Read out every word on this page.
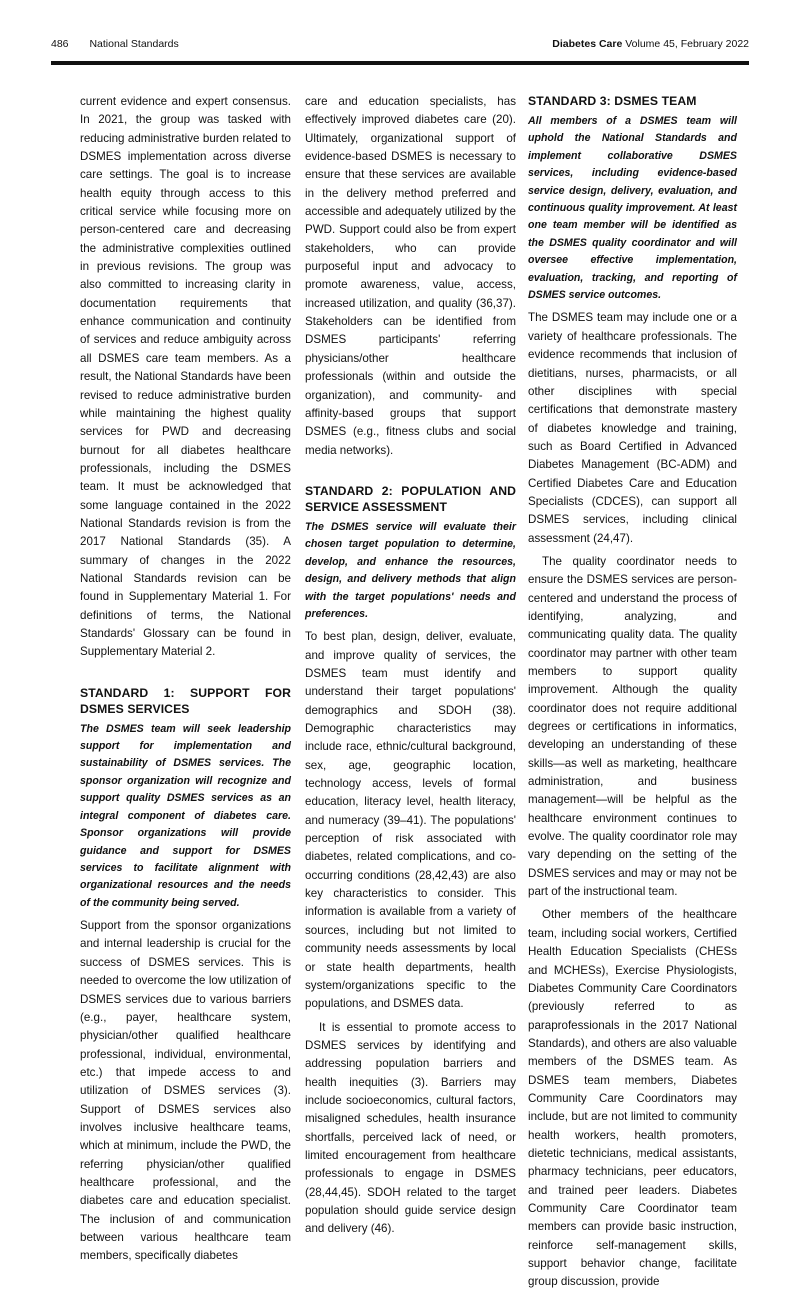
486 National Standards	Diabetes Care Volume 45, February 2022

current evidence and expert consensus. In 2021, the group was tasked with reducing administrative burden related to DSMES implementation across diverse care settings. The goal is to increase health equity through access to this critical service while focusing more on person-centered care and decreasing the administrative complexities outlined in previous revisions. The group was also committed to increasing clarity in documentation requirements that enhance communication and continuity of services and reduce ambiguity across all DSMES care team members. As a result, the National Standards have been revised to reduce administrative burden while maintaining the highest quality services for PWD and decreasing burnout for all diabetes healthcare professionals, including the DSMES team. It must be acknowledged that some language contained in the 2022 National Standards revision is from the 2017 National Standards (35). A summary of changes in the 2022 National Standards revision can be found in Supplementary Material 1. For definitions of terms, the National Standards' Glossary can be found in Supplementary Material 2.

STANDARD 1: SUPPORT FOR DSMES SERVICES

The DSMES team will seek leadership support for implementation and sustainability of DSMES services. The sponsor organization will recognize and support quality DSMES services as an integral component of diabetes care. Sponsor organizations will provide guidance and support for DSMES services to facilitate alignment with organizational resources and the needs of the community being served.

Support from the sponsor organizations and internal leadership is crucial for the success of DSMES services. This is needed to overcome the low utilization of DSMES services due to various barriers (e.g., payer, healthcare system, physician/other qualified healthcare professional, individual, environmental, etc.) that impede access to and utilization of DSMES services (3). Support of DSMES services also involves inclusive healthcare teams, which at minimum, include the PWD, the referring physician/other qualified healthcare professional, and the diabetes care and education specialist. The inclusion of and communication between various healthcare team members, specifically diabetes

care and education specialists, has effectively improved diabetes care (20). Ultimately, organizational support of evidence-based DSMES is necessary to ensure that these services are available in the delivery method preferred and accessible and adequately utilized by the PWD. Support could also be from expert stakeholders, who can provide purposeful input and advocacy to promote awareness, value, access, increased utilization, and quality (36,37). Stakeholders can be identified from DSMES participants' referring physicians/other healthcare professionals (within and outside the organization), and community- and affinity-based groups that support DSMES (e.g., fitness clubs and social media networks).

STANDARD 2: POPULATION AND SERVICE ASSESSMENT

The DSMES service will evaluate their chosen target population to determine, develop, and enhance the resources, design, and delivery methods that align with the target populations' needs and preferences.

To best plan, design, deliver, evaluate, and improve quality of services, the DSMES team must identify and understand their target populations' demographics and SDOH (38). Demographic characteristics may include race, ethnic/cultural background, sex, age, geographic location, technology access, levels of formal education, literacy level, health literacy, and numeracy (39–41). The populations' perception of risk associated with diabetes, related complications, and co-occurring conditions (28,42,43) are also key characteristics to consider. This information is available from a variety of sources, including but not limited to community needs assessments by local or state health departments, health system/organizations specific to the populations, and DSMES data.

It is essential to promote access to DSMES services by identifying and addressing population barriers and health inequities (3). Barriers may include socioeconomics, cultural factors, misaligned schedules, health insurance shortfalls, perceived lack of need, or limited encouragement from healthcare professionals to engage in DSMES (28,44,45). SDOH related to the target population should guide service design and delivery (46).

STANDARD 3: DSMES TEAM

All members of a DSMES team will uphold the National Standards and implement collaborative DSMES services, including evidence-based service design, delivery, evaluation, and continuous quality improvement. At least one team member will be identified as the DSMES quality coordinator and will oversee effective implementation, evaluation, tracking, and reporting of DSMES service outcomes.

The DSMES team may include one or a variety of healthcare professionals. The evidence recommends that inclusion of dietitians, nurses, pharmacists, or all other disciplines with special certifications that demonstrate mastery of diabetes knowledge and training, such as Board Certified in Advanced Diabetes Management (BC-ADM) and Certified Diabetes Care and Education Specialists (CDCES), can support all DSMES services, including clinical assessment (24,47).

The quality coordinator needs to ensure the DSMES services are person-centered and understand the process of identifying, analyzing, and communicating quality data. The quality coordinator may partner with other team members to support quality improvement. Although the quality coordinator does not require additional degrees or certifications in informatics, developing an understanding of these skills—as well as marketing, healthcare administration, and business management—will be helpful as the healthcare environment continues to evolve. The quality coordinator role may vary depending on the setting of the DSMES services and may or may not be part of the instructional team.

Other members of the healthcare team, including social workers, Certified Health Education Specialists (CHESs and MCHESs), Exercise Physiologists, Diabetes Community Care Coordinators (previously referred to as paraprofessionals in the 2017 National Standards), and others are also valuable members of the DSMES team. As DSMES team members, Diabetes Community Care Coordinators may include, but are not limited to community health workers, health promoters, dietetic technicians, medical assistants, pharmacy technicians, peer educators, and trained peer leaders. Diabetes Community Care Coordinator team members can provide basic instruction, reinforce self-management skills, support behavior change, facilitate group discussion, provide
